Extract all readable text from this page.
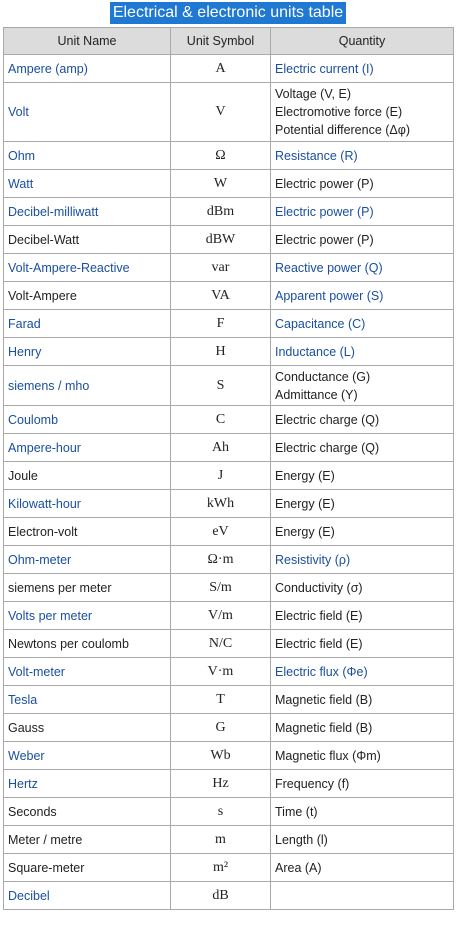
Electrical & electronic units table
Unit Name	Unit Symbol	Quantity
Ampere (amp)	A	Electric current (I)

Volt	V	Voltage (V, E)
Electromotive force (E)
Potential difference (Δφ)

Ohm	Ω	Resistance (R)

Watt	W	Electric power (P)

Decibel-milliwatt	dBm	Electric power (P)

Decibel-Watt	dBW	Electric power (P)

Volt-Ampere-Reactive	var	Reactive power (Q)

Volt-Ampere	VA	Apparent power (S)

Farad	F	Capacitance (C)

Henry	H	Inductance (L)

siemens / mho	S	Conductance (G)
Admittance (Y)

Coulomb	C	Electric charge (Q)

Ampere-hour	Ah	Electric charge (Q)

Joule	J	Energy (E)

Kilowatt-hour	kWh	Energy (E)

Electron-volt	eV	Energy (E)

Ohm-meter	Ω·m	Resistivity (ρ)

siemens per meter	S/m	Conductivity (σ)

Volts per meter	V/m	Electric field (E)

Newtons per coulomb	N/C	Electric field (E)

Volt-meter	V·m	Electric flux (Φe)

Tesla	T	Magnetic field (B)

Gauss	G	Magnetic field (B)

Weber	Wb	Magnetic flux (Φm)

Hertz	Hz	Frequency (f)

Seconds	s	Time (t)

Meter / metre	m	Length (l)

Square-meter	m²	Area (A)

Decibel	dB	
